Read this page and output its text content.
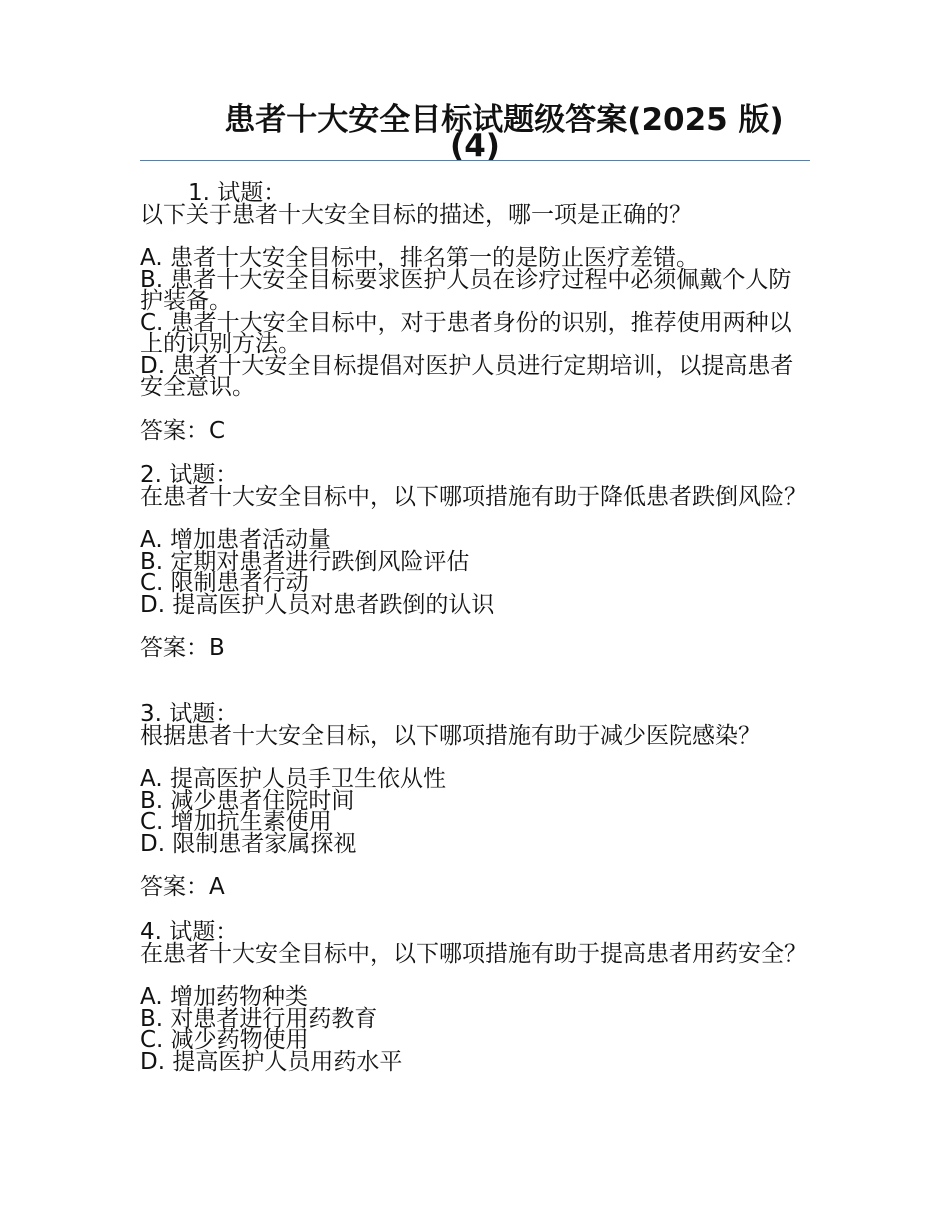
患者十大安全目标试题级答案(2025 版)
(4)
1. 试题：
以下关于患者十大安全目标的描述，哪一项是正确的？
A. 患者十大安全目标中，排名第一的是防止医疗差错。
B. 患者十大安全目标要求医护人员在诊疗过程中必须佩戴个人防护装备。
C. 患者十大安全目标中，对于患者身份的识别，推荐使用两种以上的识别方法。
D. 患者十大安全目标提倡对医护人员进行定期培训，以提高患者安全意识。
答案：C
2. 试题：
在患者十大安全目标中，以下哪项措施有助于降低患者跌倒风险？
A. 增加患者活动量
B. 定期对患者进行跌倒风险评估
C. 限制患者行动
D. 提高医护人员对患者跌倒的认识
答案：B
3. 试题：
根据患者十大安全目标，以下哪项措施有助于减少医院感染？
A. 提高医护人员手卫生依从性
B. 减少患者住院时间
C. 增加抗生素使用
D. 限制患者家属探视
答案：A
4. 试题：
在患者十大安全目标中，以下哪项措施有助于提高患者用药安全？
A. 增加药物种类
B. 对患者进行用药教育
C. 减少药物使用
D. 提高医护人员用药水平
